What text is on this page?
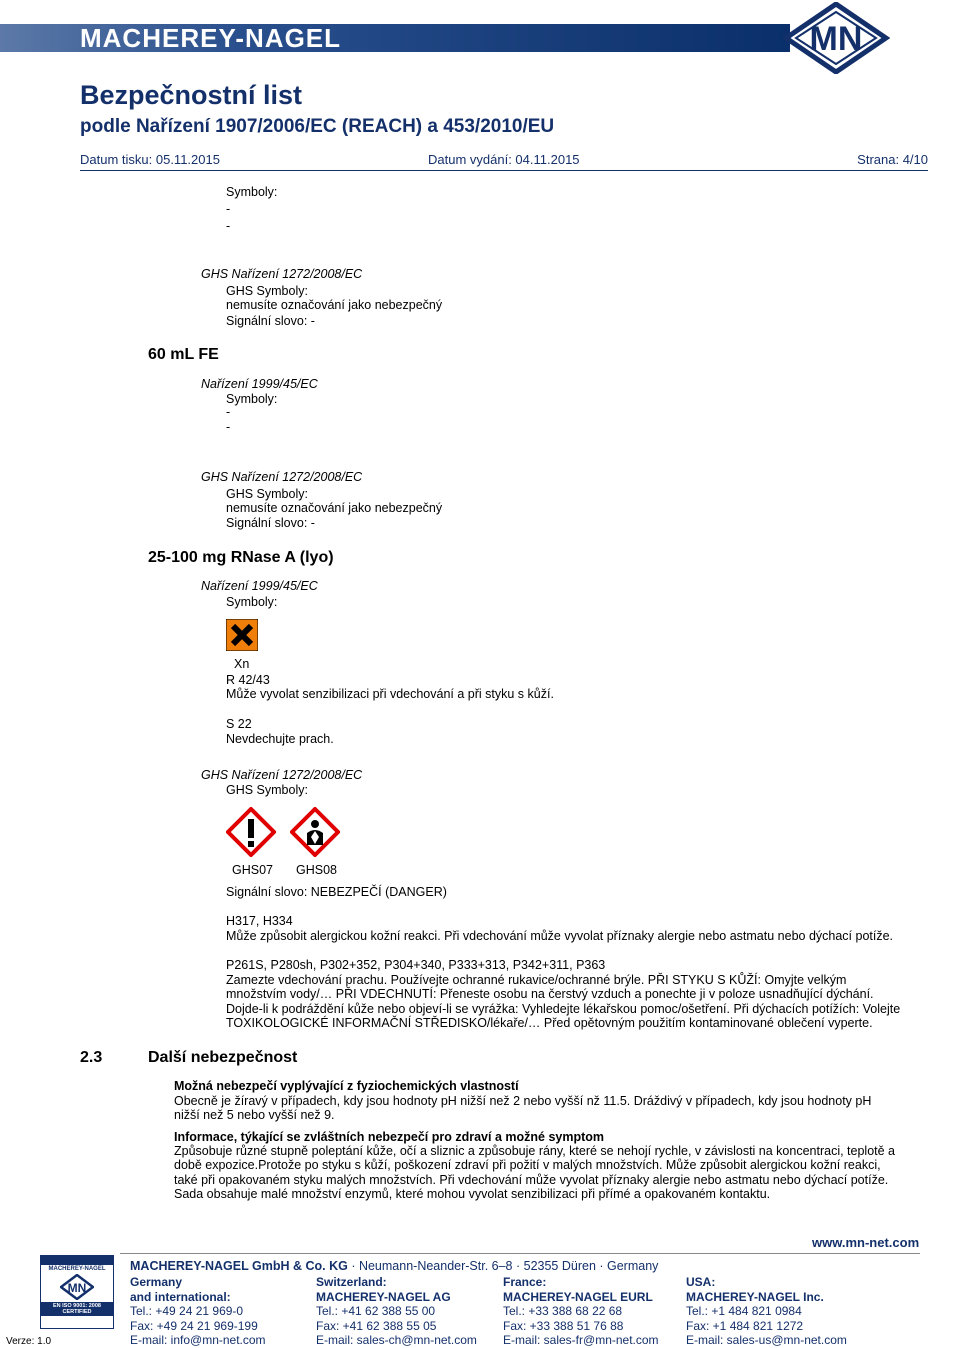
MACHEREY-NAGEL	MN
Bezpečnostní list
podle Nařízení 1907/2006/EC (REACH) a 453/2010/EU
Datum tisku: 05.11.2015	Datum vydání: 04.11.2015	Strana: 4/10
Symboly:
-
-
GHS Nařízení 1272/2008/EC
GHS Symboly:
nemusíte označování jako nebezpečný
Signální slovo: -
60 mL FE
Nařízení 1999/45/EC
Symboly:
-
-
GHS Nařízení 1272/2008/EC
GHS Symboly:
nemusíte označování jako nebezpečný
Signální slovo: -
25-100 mg RNase A (lyo)
Nařízení 1999/45/EC
Symboly:
Xn
R 42/43
Může vyvolat senzibilizaci při vdechování a při styku s kůží.
S 22
Nevdechujte prach.
GHS Nařízení 1272/2008/EC
GHS Symboly:
GHS07 GHS08
Signální slovo: NEBEZPEČÍ (DANGER)
H317, H334
Může způsobit alergickou kožní reakci. Při vdechování může vyvolat příznaky alergie nebo astmatu nebo dýchací potíže.
P261S, P280sh, P302+352, P304+340, P333+313, P342+311, P363
Zamezte vdechování prachu. Používejte ochranné rukavice/ochranné brýle. PŘI STYKU S KŮŽÍ: Omyjte velkým
množstvím vody/… PŘI VDECHNUTÍ: Přeneste osobu na čerstvý vzduch a ponechte ji v poloze usnadňující dýchání.
Dojde-li k podráždění kůže nebo objeví-li se vyrážka: Vyhledejte lékařskou pomoc/ošetření. Při dýchacích potížích: Volejte
TOXIKOLOGICKÉ INFORMAČNÍ STŘEDISKO/lékaře/… Před opětovným použitím kontaminované oblečení vyperte.
2.3	Další nebezpečnost
Možná nebezpečí vyplývající z fyziochemických vlastností
Obecně je žíravý v případech, kdy jsou hodnoty pH nižší než 2 nebo vyšší nž 11.5. Dráždivý v případech, kdy jsou hodnoty pH
nižší než 5 nebo vyšší než 9.
Informace, týkající se zvláštních nebezpečí pro zdraví a možné symptom
Způsobuje různé stupně poleptání kůže, očí a sliznic a způsobuje rány, které se nehojí rychle, v závislosti na koncentraci, teplotě a
době expozice.Protože po styku s kůží, poškození zdraví při požití v malých množstvích. Může způsobit alergickou kožní reakci,
také při opakovaném styku malých množstvích. Při vdechování může vyvolat příznaky alergie nebo astmatu nebo dýchací potíže.
Sada obsahuje malé množství enzymů, které mohou vyvolat senzibilizaci při přímé a opakovaném kontaktu.
www.mn-net.com
MACHEREY-NAGEL GmbH & Co. KG · Neumann-Neander-Str. 6–8 · 52355 Düren · Germany
MACHEREY-NAGEL
MN
EN ISO 9001: 2008
CERTIFIED
Verze: 1.0
Germany
and international:
Tel.: +49 24 21 969-0
Fax: +49 24 21 969-199
E-mail: info@mn-net.com
Switzerland:
MACHEREY-NAGEL AG
Tel.: +41 62 388 55 00
Fax: +41 62 388 55 05
E-mail: sales-ch@mn-net.com
France:
MACHEREY-NAGEL EURL
Tel.: +33 388 68 22 68
Fax: +33 388 51 76 88
E-mail: sales-fr@mn-net.com
USA:
MACHEREY-NAGEL Inc.
Tel.: +1 484 821 0984
Fax: +1 484 821 1272
E-mail: sales-us@mn-net.com
